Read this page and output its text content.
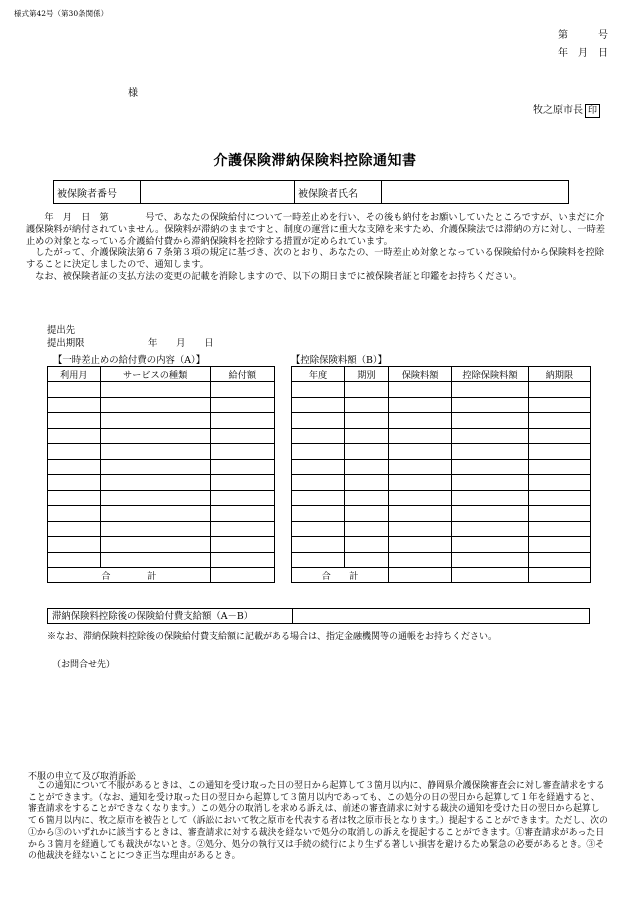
様式第42号（第30条関係）
第　　　号
年　月　日
様
牧之原市長 印
介護保険滞納保険料控除通知書
被保険者番号		被保険者氏名	

　年　月　日　第　　　　号で、あなたの保険給付について一時差止めを行い、その後も納付をお願いしていたところですが、いまだに介護保険料が納付されていません。保険料が滞納のままですと、制度の運営に重大な支障を来すため、介護保険法では滞納の方に対し、一時差止めの対象となっている介護給付費から滞納保険料を控除する措置が定められています。

したがって、介護保険法第６７条第３項の規定に基づき、次のとおり、あなたの、一時差止め対象となっている保険給付から保険料を控除することに決定しましたので、通知します。

なお、被保険者証の支払方法の変更の記載を消除しますので、以下の期日までに被保険者証と印鑑をお持ちください。

提出先
提出期限	年　　月　　日
【一時差止めの給付費の内容（A）】
利用月	サービスの種類	給付額

合　　　　計		
【控除保険料額（B）】
年度	期別	保険料額	控除保険料額	納期限

合　　計				
滞納保険料控除後の保険給付費支給額（A－B）
※なお、滞納保険料控除後の保険給付費支給額に記載がある場合は、指定金融機関等の通帳をお持ちください。
（お問合せ先）
不服の申立て及び取消訴訟

この通知について不服があるときは、この通知を受け取った日の翌日から起算して３箇月以内に、静岡県介護保険審査会に対し審査請求をすることができます。（なお、通知を受け取った日の翌日から起算して３箇月以内であっても、この処分の日の翌日から起算して１年を経過すると、審査請求をすることができなくなります。）この処分の取消しを求める訴えは、前述の審査請求に対する裁決の通知を受けた日の翌日から起算して６箇月以内に、牧之原市を被告として（訴訟において牧之原市を代表する者は牧之原市長となります。）提起することができます。ただし、次の①から③のいずれかに該当するときは、審査請求に対する裁決を経ないで処分の取消しの訴えを提起することができます。①審査請求があった日から３箇月を経過しても裁決がないとき。②処分、処分の執行又は手続の続行により生ずる著しい損害を避けるため緊急の必要があるとき。③その他裁決を経ないことにつき正当な理由があるとき。
